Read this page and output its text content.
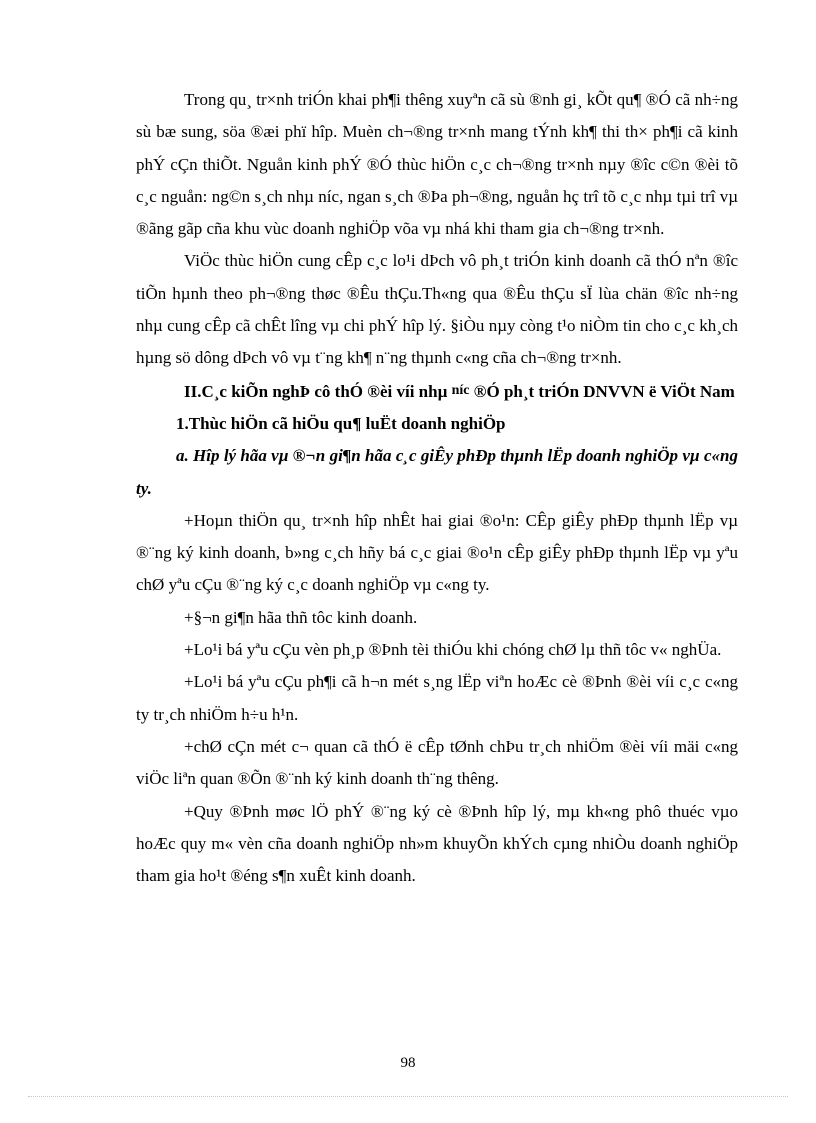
Trong qu¸ tr×nh triÓn khai ph¶i thêng xuyªn cã sù ®nh gi¸ kÕt qu¶ ®Ó cã nh÷ng sù bæ sung, söa ®æi phï hîp. Muèn ch¬®ng tr×nh mang tÝnh kh¶ thi th× ph¶i cã kinh phÝ cÇn thiÕt. Nguån kinh phÝ ®Ó thùc hiÖn c¸c ch¬®ng tr×nh nµy ®îc c©n ®èi tõ c¸c nguån: ng©n s¸ch nhµ níc, ngan s¸ch ®Þa ph¬®ng, nguån hç trî tõ c¸c nhµ tµi trî vµ ®ãng gãp cña khu vùc doanh nghiÖp võa vµ nhá khi tham gia ch¬®ng tr×nh.

ViÖc thùc hiÖn cung cÊp c¸c lo¹i dÞch vô ph¸t triÓn kinh doanh cã thÓ nªn ®îc tiÕn hµnh theo ph¬®ng thøc ®Êu thÇu.Th«ng qua ®Êu thÇu sÏ lùa chän ®îc nh÷ng nhµ cung cÊp cã chÊt lîng vµ chi phÝ hîp lý. §iÒu nµy còng t¹o niÒm tin cho c¸c kh¸ch hµng sö dông dÞch vô vµ t¨ng kh¶ n¨ng thµnh c«ng cña ch¬®ng tr×nh.

II.C¸c kiÕn nghÞ cô thÓ ®èi víi nhµ níc ®Ó ph¸t triÓn DNVVN ë ViÖt Nam

1.Thùc hiÖn cã hiÖu qu¶ luËt doanh nghiÖp

a. Hîp lý hãa vµ ®¬n gi¶n hãa c¸c giÊy phÐp thµnh lËp doanh nghiÖp vµ c«ng ty.

+Hoµn thiÖn qu¸ tr×nh hîp nhÊt hai giai ®o¹n: CÊp giÊy phÐp thµnh lËp vµ ®¨ng ký kinh doanh, b»ng c¸ch hñy bá c¸c giai ®o¹n cÊp giÊy phÐp thµnh lËp vµ yªu chØ yªu cÇu ®¨ng ký c¸c doanh nghiÖp vµ c«ng ty.

+§¬n gi¶n hãa thñ tôc kinh doanh.

+Lo¹i bá yªu cÇu vèn ph¸p ®Þnh tèi thiÓu khi chóng chØ lµ thñ tôc v« nghÜa.

+Lo¹i bá yªu cÇu ph¶i cã h¬n mét s¸ng lËp viªn hoÆc cè ®Þnh ®èi víi c¸c c«ng ty tr¸ch nhiÖm h÷u h¹n.

+chØ cÇn mét c¬ quan cã thÓ ë cÊp tØnh chÞu tr¸ch nhiÖm ®èi víi mäi c«ng viÖc liªn quan ®Õn ®¨nh ký kinh doanh th¨ng thêng.

+Quy ®Þnh møc lÖ phÝ ®¨ng ký cè ®Þnh hîp lý, mµ kh«ng phô thuéc vµo hoÆc quy m« vèn cña doanh nghiÖp nh»m khuyÕn khÝch cµng nhiÒu doanh nghiÖp tham gia ho¹t ®éng s¶n xuÊt kinh doanh.

98
